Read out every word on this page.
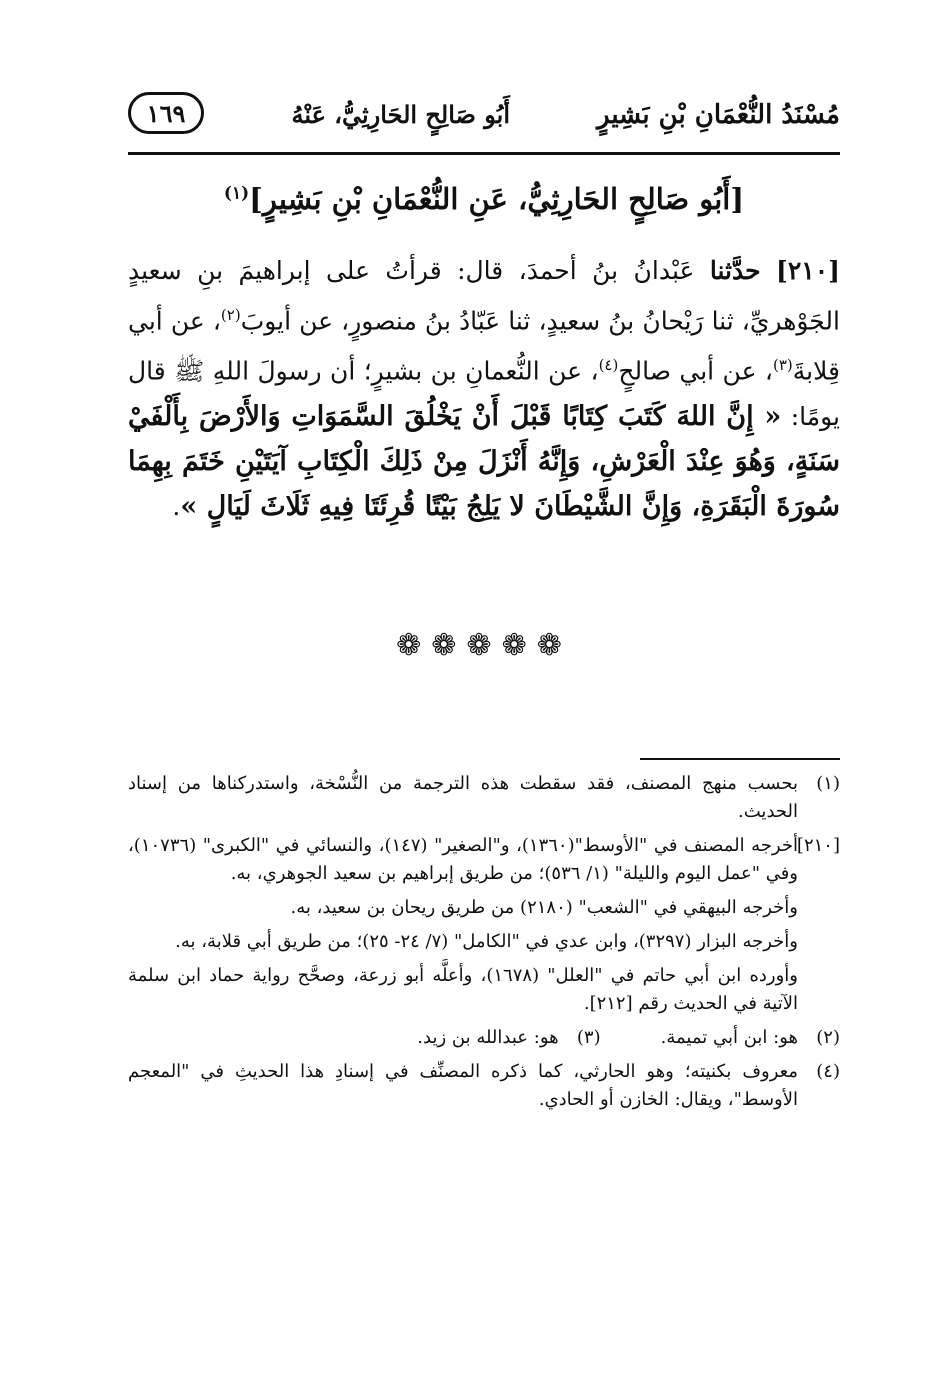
مُسْنَدُ النُّعْمَانِ بْنِ بَشِيرٍ
أَبُو صَالِحٍ الحَارِثِيُّ، عَنْهُ
١٦٩
[أَبُو صَالِحٍ الحَارِثِيُّ، عَنِ النُّعْمَانِ بْنِ بَشِيرٍ]$^{(١)}$

[٢١٠] حدَّثنا عَبْدانُ بنُ أحمدَ، قال: قرأتُ على إبراهيمَ بنِ سعيدٍ الجَوْهريِّ، ثنا رَيْحانُ بنُ سعيدٍ، ثنا عَبّادُ بنُ منصورٍ، عن أيوبَ$^{(٢)}$، عن أبي قِلابةَ$^{(٣)}$، عن أبي صالحٍ$^{(٤)}$، عن النُّعمانِ بن بشيرٍ؛ أن رسولَ اللهِ ﷺ قال يومًا: « إِنَّ اللهَ كَتَبَ كِتَابًا قَبْلَ أَنْ يَخْلُقَ السَّمَوَاتِ وَالأَرْضَ بِأَلْفَيْ سَنَةٍ، وَهُوَ عِنْدَ الْعَرْشِ، وَإِنَّهُ أَنْزَلَ مِنْ ذَلِكَ الْكِتَابِ آيَتَيْنِ خَتَمَ بِهِمَا سُورَةَ الْبَقَرَةِ، وَإِنَّ الشَّيْطَانَ لا يَلِجُ بَيْتًا قُرِئَتَا فِيهِ ثَلَاثَ لَيَالٍ ».

❁❁❁❁❁

(١)بحسب منهج المصنف، فقد سقطت هذه الترجمة من النُّسْخة، واستدركناها من إسناد الحديث.

[٢١٠]أخرجه المصنف في "الأوسط"(١٣٦٠)، و"الصغير" (١٤٧)، والنسائي في "الكبرى" (١٠٧٣٦)، وفي "عمل اليوم والليلة" (١/ ٥٣٦)؛ من طريق إبراهيم بن سعيد الجوهري، به.

وأخرجه البيهقي في "الشعب" (٢١٨٠) من طريق ريحان بن سعيد، به.

وأخرجه البزار (٣٢٩٧)، وابن عدي في "الكامل" (٧/ ٢٤- ٢٥)؛ من طريق أبي قلابة، به.

وأورده ابن أبي حاتم في "العلل" (١٦٧٨)، وأعلَّه أبو زرعة، وصحَّح رواية حماد ابن سلمة الآتية في الحديث رقم [٢١٢].

(٢)هو: ابن أبي تميمة.(٣)هو: عبدالله بن زيد.

(٤)معروف بكنيته؛ وهو الحارثي، كما ذكره المصنِّف في إسنادِ هذا الحديثِ في "المعجم الأوسط"، ويقال: الخازن أو الحادي.
